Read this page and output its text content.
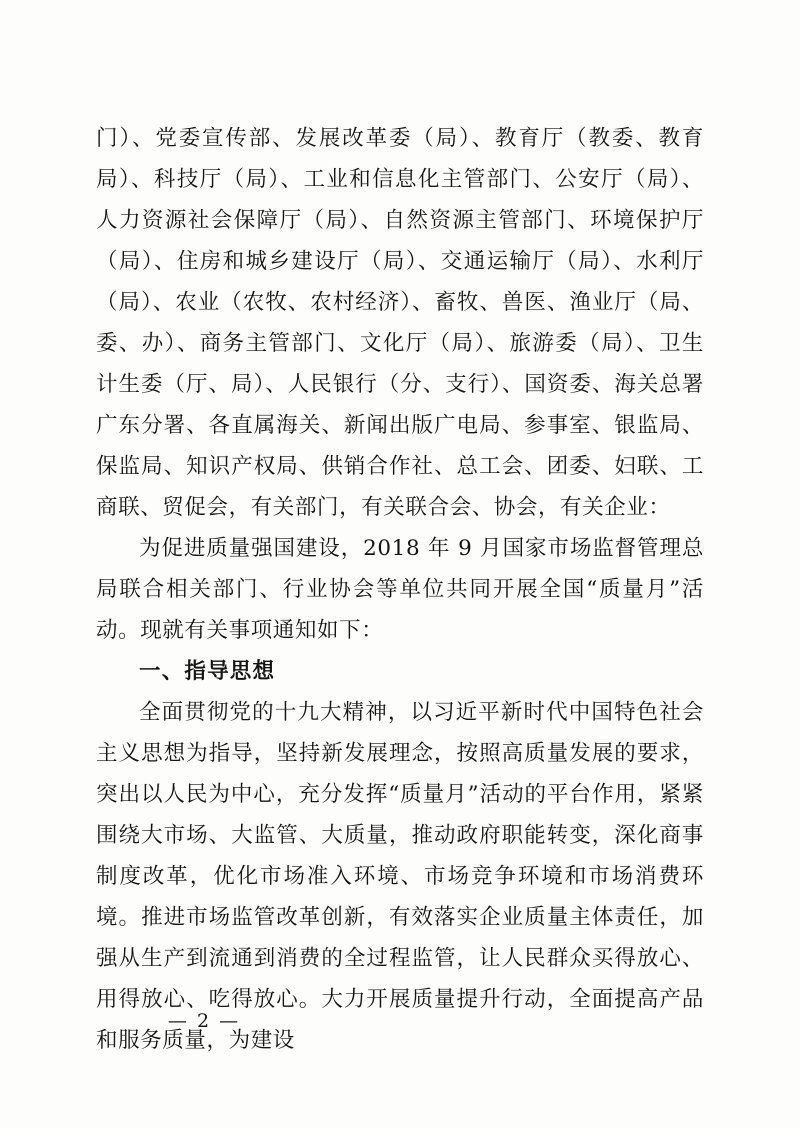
门）、党委宣传部、发展改革委（局）、教育厅（教委、教育局）、科技厅（局）、工业和信息化主管部门、公安厅（局）、人力资源社会保障厅（局）、自然资源主管部门、环境保护厅（局）、住房和城乡建设厅（局）、交通运输厅（局）、水利厅（局）、农业（农牧、农村经济）、畜牧、兽医、渔业厅（局、委、办）、商务主管部门、文化厅（局）、旅游委（局）、卫生计生委（厅、局）、人民银行（分、支行）、国资委、海关总署广东分署、各直属海关、新闻出版广电局、参事室、银监局、保监局、知识产权局、供销合作社、总工会、团委、妇联、工商联、贸促会，有关部门，有关联合会、协会，有关企业：

为促进质量强国建设，2018 年 9 月国家市场监督管理总局联合相关部门、行业协会等单位共同开展全国“质量月”活动。现就有关事项通知如下：

一、指导思想

全面贯彻党的十九大精神，以习近平新时代中国特色社会主义思想为指导，坚持新发展理念，按照高质量发展的要求，突出以人民为中心，充分发挥“质量月”活动的平台作用，紧紧围绕大市场、大监管、大质量，推动政府职能转变，深化商事制度改革，优化市场准入环境、市场竞争环境和市场消费环境。推进市场监管改革创新，有效落实企业质量主体责任，加强从生产到流通到消费的全过程监管，让人民群众买得放心、用得放心、吃得放心。大力开展质量提升行动，全面提高产品和服务质量，为建设

— 2 —
